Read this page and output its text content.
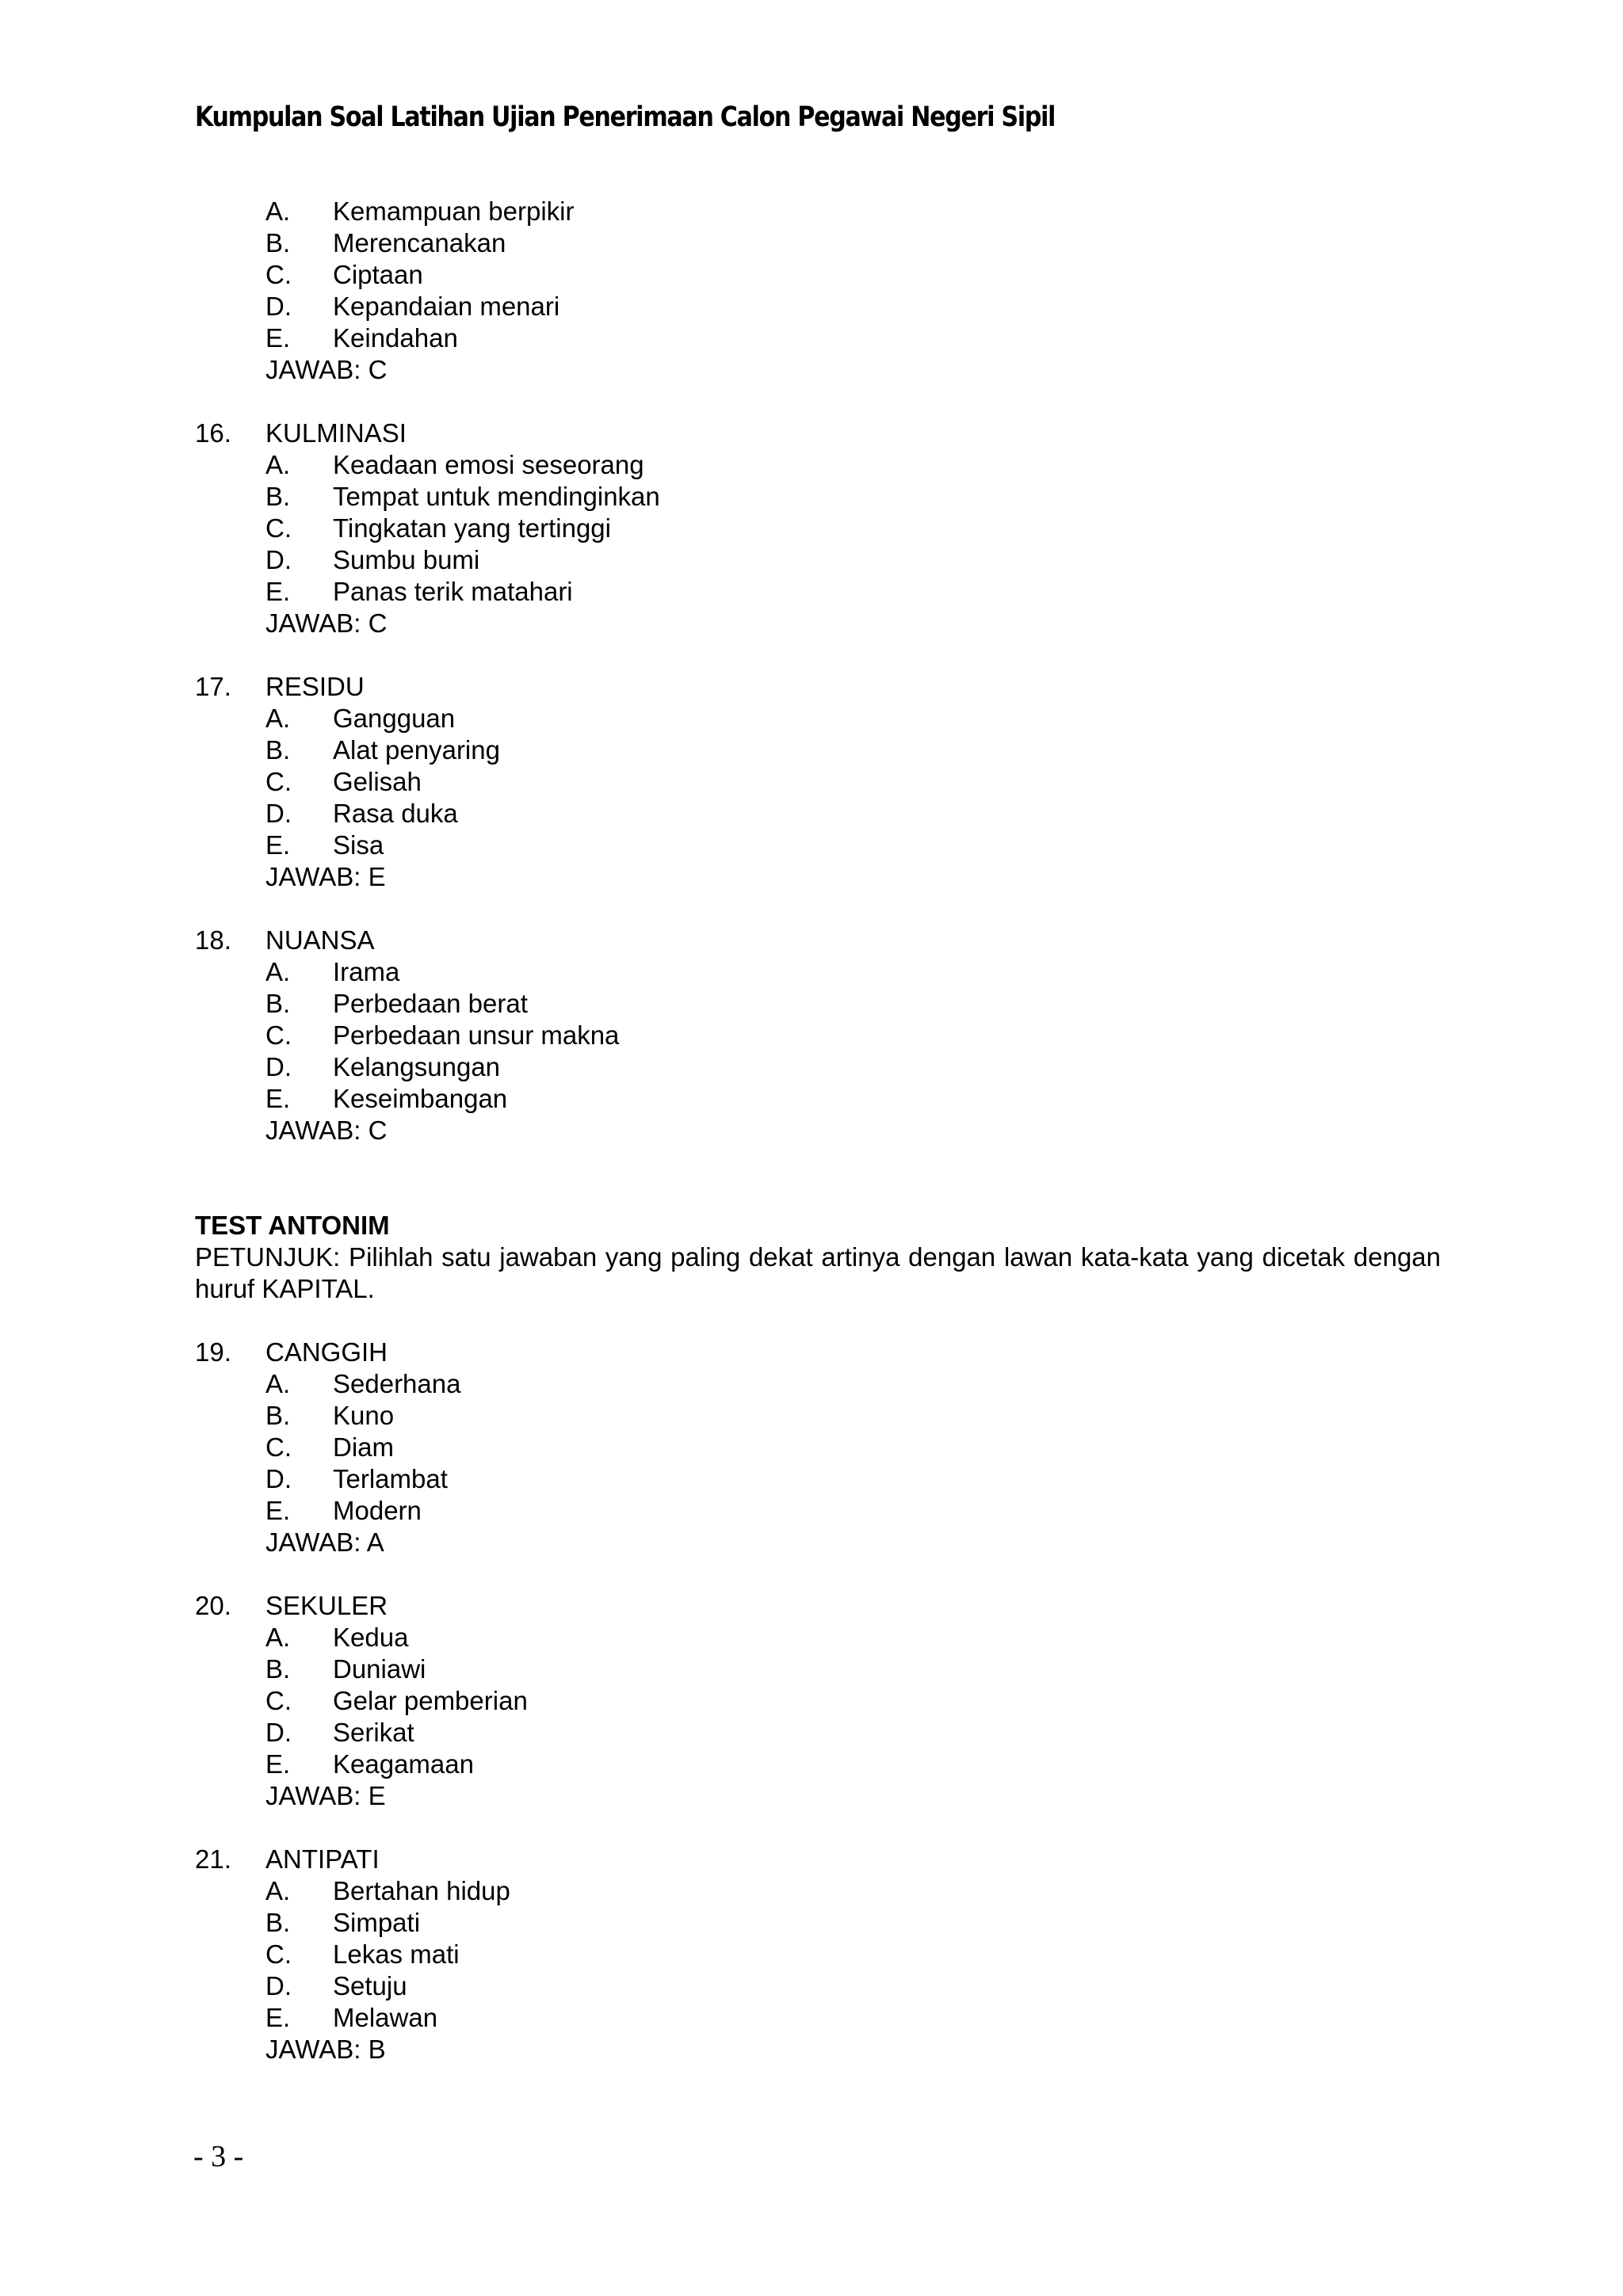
Kumpulan Soal Latihan Ujian Penerimaan Calon Pegawai Negeri Sipil
A. Kemampuan berpikir
B. Merencanakan
C. Ciptaan
D. Kepandaian menari
E. Keindahan
JAWAB: C
16. KULMINASI
A. Keadaan emosi seseorang
B. Tempat untuk mendinginkan
C. Tingkatan yang tertinggi
D. Sumbu bumi
E. Panas terik matahari
JAWAB: C
17. RESIDU
A. Gangguan
B. Alat penyaring
C. Gelisah
D. Rasa duka
E. Sisa
JAWAB: E
18. NUANSA
A. Irama
B. Perbedaan berat
C. Perbedaan unsur makna
D. Kelangsungan
E. Keseimbangan
JAWAB: C
TEST ANTONIM
PETUNJUK: Pilihlah satu jawaban yang paling dekat artinya dengan lawan kata-kata yang dicetak dengan huruf KAPITAL.
19. CANGGIH
A. Sederhana
B. Kuno
C. Diam
D. Terlambat
E. Modern
JAWAB: A
20. SEKULER
A. Kedua
B. Duniawi
C. Gelar pemberian
D. Serikat
E. Keagamaan
JAWAB: E
21. ANTIPATI
A. Bertahan hidup
B. Simpati
C. Lekas mati
D. Setuju
E. Melawan
JAWAB: B
- 3 -
